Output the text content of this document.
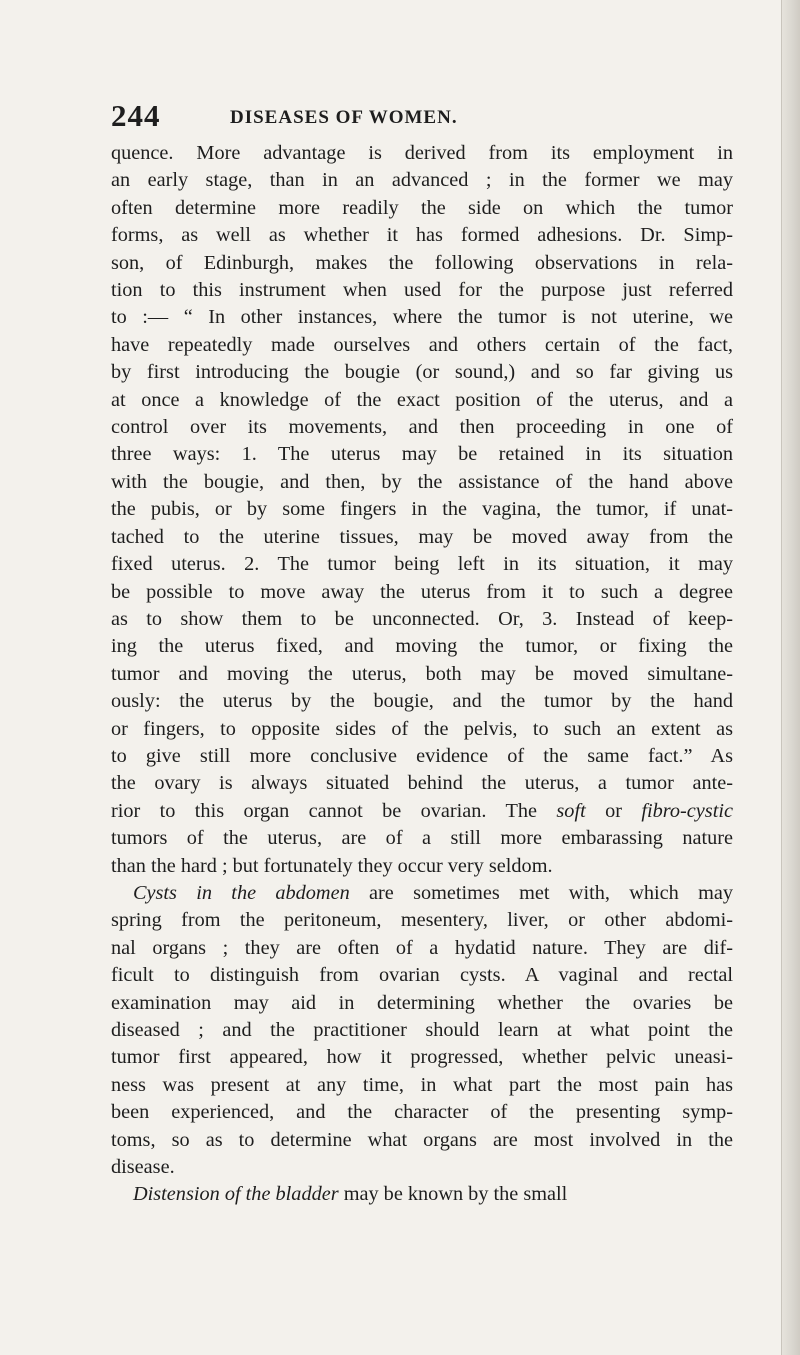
244	DISEASES OF WOMEN.
quence. More advantage is derived from its employment in
an early stage, than in an advanced ; in the former we may
often determine more readily the side on which the tumor
forms, as well as whether it has formed adhesions. Dr. Simp-
son, of Edinburgh, makes the following observations in rela-
tion to this instrument when used for the purpose just referred
to :— “ In other instances, where the tumor is not uterine, we
have repeatedly made ourselves and others certain of the fact,
by first introducing the bougie (or sound,) and so far giving us
at once a knowledge of the exact position of the uterus, and a
control over its movements, and then proceeding in one of
three ways: 1. The uterus may be retained in its situation
with the bougie, and then, by the assistance of the hand above
the pubis, or by some fingers in the vagina, the tumor, if unat-
tached to the uterine tissues, may be moved away from the
fixed uterus. 2. The tumor being left in its situation, it may
be possible to move away the uterus from it to such a degree
as to show them to be unconnected. Or, 3. Instead of keep-
ing the uterus fixed, and moving the tumor, or fixing the
tumor and moving the uterus, both may be moved simultane-
ously: the uterus by the bougie, and the tumor by the hand
or fingers, to opposite sides of the pelvis, to such an extent as
to give still more conclusive evidence of the same fact.” As
the ovary is always situated behind the uterus, a tumor ante-
rior to this organ cannot be ovarian. The soft or fibro-cystic
tumors of the uterus, are of a still more embarassing nature
than the hard ; but fortunately they occur very seldom.
Cysts in the abdomen are sometimes met with, which may
spring from the peritoneum, mesentery, liver, or other abdomi-
nal organs ; they are often of a hydatid nature. They are dif-
ficult to distinguish from ovarian cysts. A vaginal and rectal
examination may aid in determining whether the ovaries be
diseased ; and the practitioner should learn at what point the
tumor first appeared, how it progressed, whether pelvic uneasi-
ness was present at any time, in what part the most pain has
been experienced, and the character of the presenting symp-
toms, so as to determine what organs are most involved in the
disease.
Distension of the bladder may be known by the small
